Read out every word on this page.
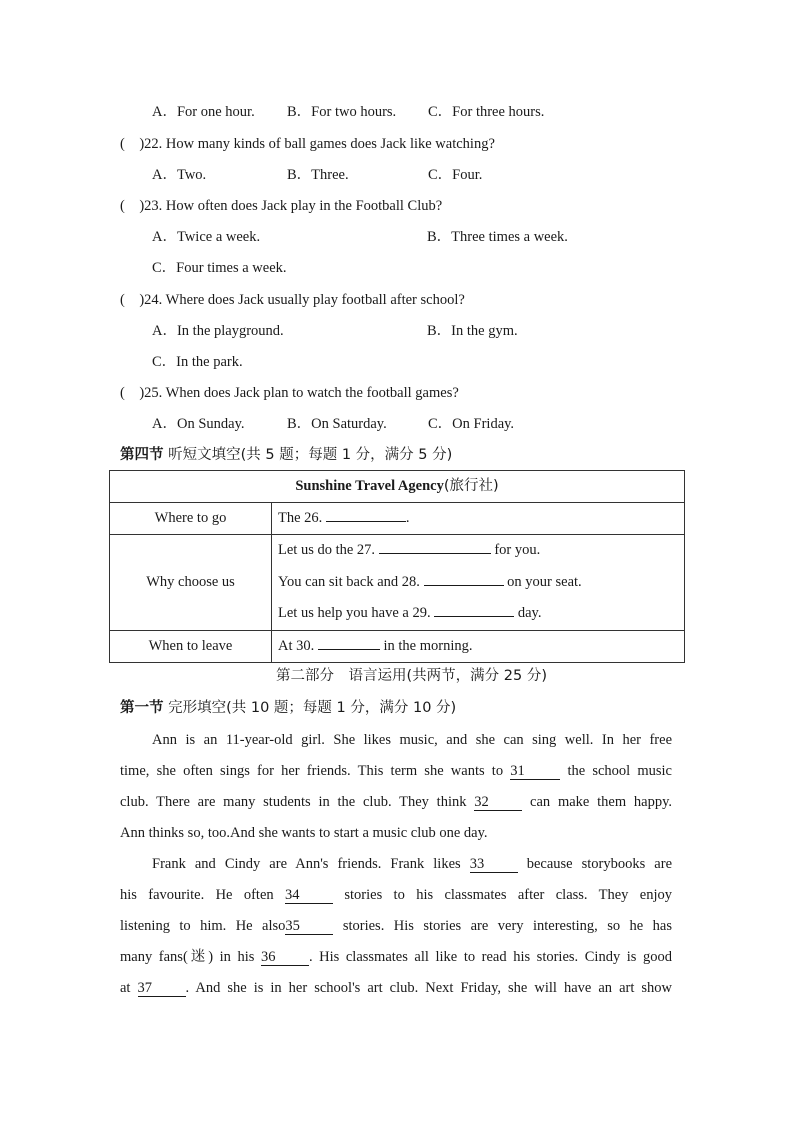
A．For one hour. B．For two hours. C．For three hours.
(　)22. How many kinds of ball games does Jack like watching?
A．Two.	B．Three.	C．Four.
(　)23. How often does Jack play in the Football Club?
A．Twice a week.	B．Three times a week.
C．Four times a week.
(　)24. Where does Jack usually play football after school?
A．In the playground.	B．In the gym.
C．In the park.
(　)25. When does Jack plan to watch the football games?
A．On Sunday.	B．On Saturday.	C．On Friday.
第四节 听短文填空(共 5 题；每题 1 分，满分 5 分)
Sunshine Travel Agency(旅行社)	
Where to go	The 26. .
Why choose us	Let us do the 27. for you.
You can sit back and 28. on your seat.
Let us help you have a 29. day.

When to leave	At 30. in the morning.
第二部分　语言运用(共两节，满分 25 分)
第一节 完形填空(共 10 题；每题 1 分，满分 10 分)
Ann is an 11-year-old girl. She likes music, and she can sing well. In her free
time, she often sings for her friends. This term she wants to 31 the school music
club. There are many students in the club. They think 32 can make them happy.
Ann thinks so, too.And she wants to start a music club one day.
Frank and Cindy are Ann's friends. Frank likes 33 because storybooks are
his favourite. He often 34 stories to his classmates after class. They enjoy
listening to him. He also35 stories. His stories are very interesting, so he has
many fans(迷) in his 36 . His classmates all like to read his stories. Cindy is good
at 37 . And she is in her school's art club. Next Friday, she will have an art show
